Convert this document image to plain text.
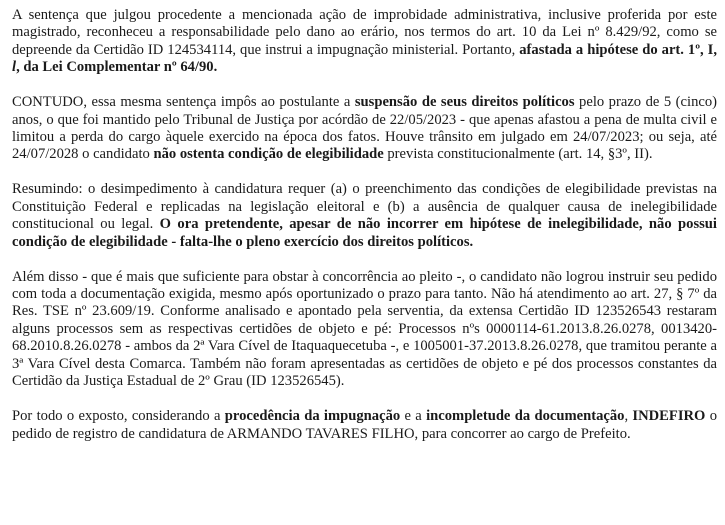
A sentença que julgou procedente a mencionada ação de improbidade administrativa, inclusive proferida por este magistrado, reconheceu a responsabilidade pelo dano ao erário, nos termos do art. 10 da Lei nº 8.429/92, como se depreende da Certidão ID 124534114, que instrui a impugnação ministerial. Portanto, afastada a hipótese do art. 1º, I, l, da Lei Complementar nº 64/90.

CONTUDO, essa mesma sentença impôs ao postulante a suspensão de seus direitos políticos pelo prazo de 5 (cinco) anos, o que foi mantido pelo Tribunal de Justiça por acórdão de 22/05/2023 - que apenas afastou a pena de multa civil e limitou a perda do cargo àquele exercido na época dos fatos. Houve trânsito em julgado em 24/07/2023; ou seja, até 24/07/2028 o candidato não ostenta condição de elegibilidade prevista constitucionalmente (art. 14, §3º, II).

Resumindo: o desimpedimento à candidatura requer (a) o preenchimento das condições de elegibilidade previstas na Constituição Federal e replicadas na legislação eleitoral e (b) a ausência de qualquer causa de inelegibilidade constitucional ou legal. O ora pretendente, apesar de não incorrer em hipótese de inelegibilidade, não possui condição de elegibilidade - falta-lhe o pleno exercício dos direitos políticos.

Além disso - que é mais que suficiente para obstar à concorrência ao pleito -, o candidato não logrou instruir seu pedido com toda a documentação exigida, mesmo após oportunizado o prazo para tanto. Não há atendimento ao art. 27, § 7º da Res. TSE nº 23.609/19. Conforme analisado e apontado pela serventia, da extensa Certidão ID 123526543 restaram alguns processos sem as respectivas certidões de objeto e pé: Processos nºs 0000114-61.2013.8.26.0278, 0013420-68.2010.8.26.0278 - ambos da 2ª Vara Cível de Itaquaquecetuba -, e 1005001-37.2013.8.26.0278, que tramitou perante a 3ª Vara Cível desta Comarca. Também não foram apresentadas as certidões de objeto e pé dos processos constantes da Certidão da Justiça Estadual de 2º Grau (ID 123526545).

Por todo o exposto, considerando a procedência da impugnação e a incompletude da documentação, INDEFIRO o pedido de registro de candidatura de ARMANDO TAVARES FILHO, para concorrer ao cargo de Prefeito.
